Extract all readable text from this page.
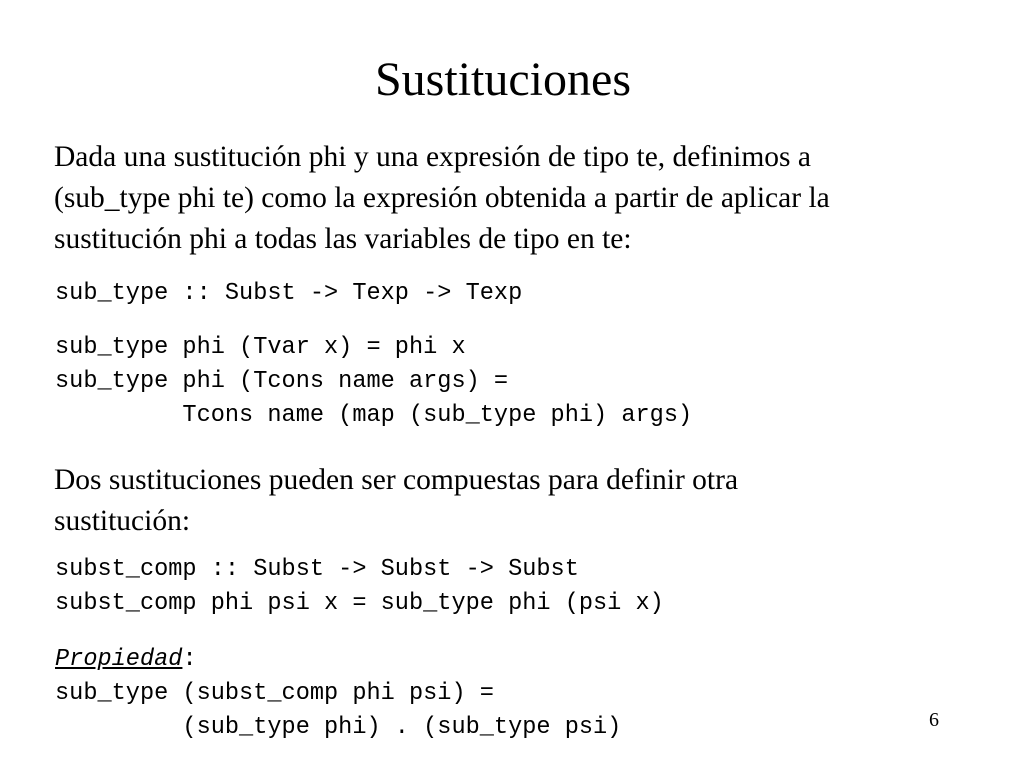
Sustituciones

Dada una sustitución phi y una expresión de tipo te, definimos a
(sub_type phi te) como la expresión obtenida a partir de aplicar la
sustitución phi a todas las variables de tipo en te:

sub_type :: Subst -> Texp -> Texp
sub_type phi (Tvar x) = phi x
sub_type phi (Tcons name args) =
Tcons name (map (sub_type phi) args)

Dos sustituciones pueden ser compuestas para definir otra
sustitución:

subst_comp :: Subst -> Subst -> Subst
subst_comp phi psi x = sub_type phi (psi x)
Propiedad:
sub_type (subst_comp phi psi) =
(sub_type phi) . (sub_type psi)	6
